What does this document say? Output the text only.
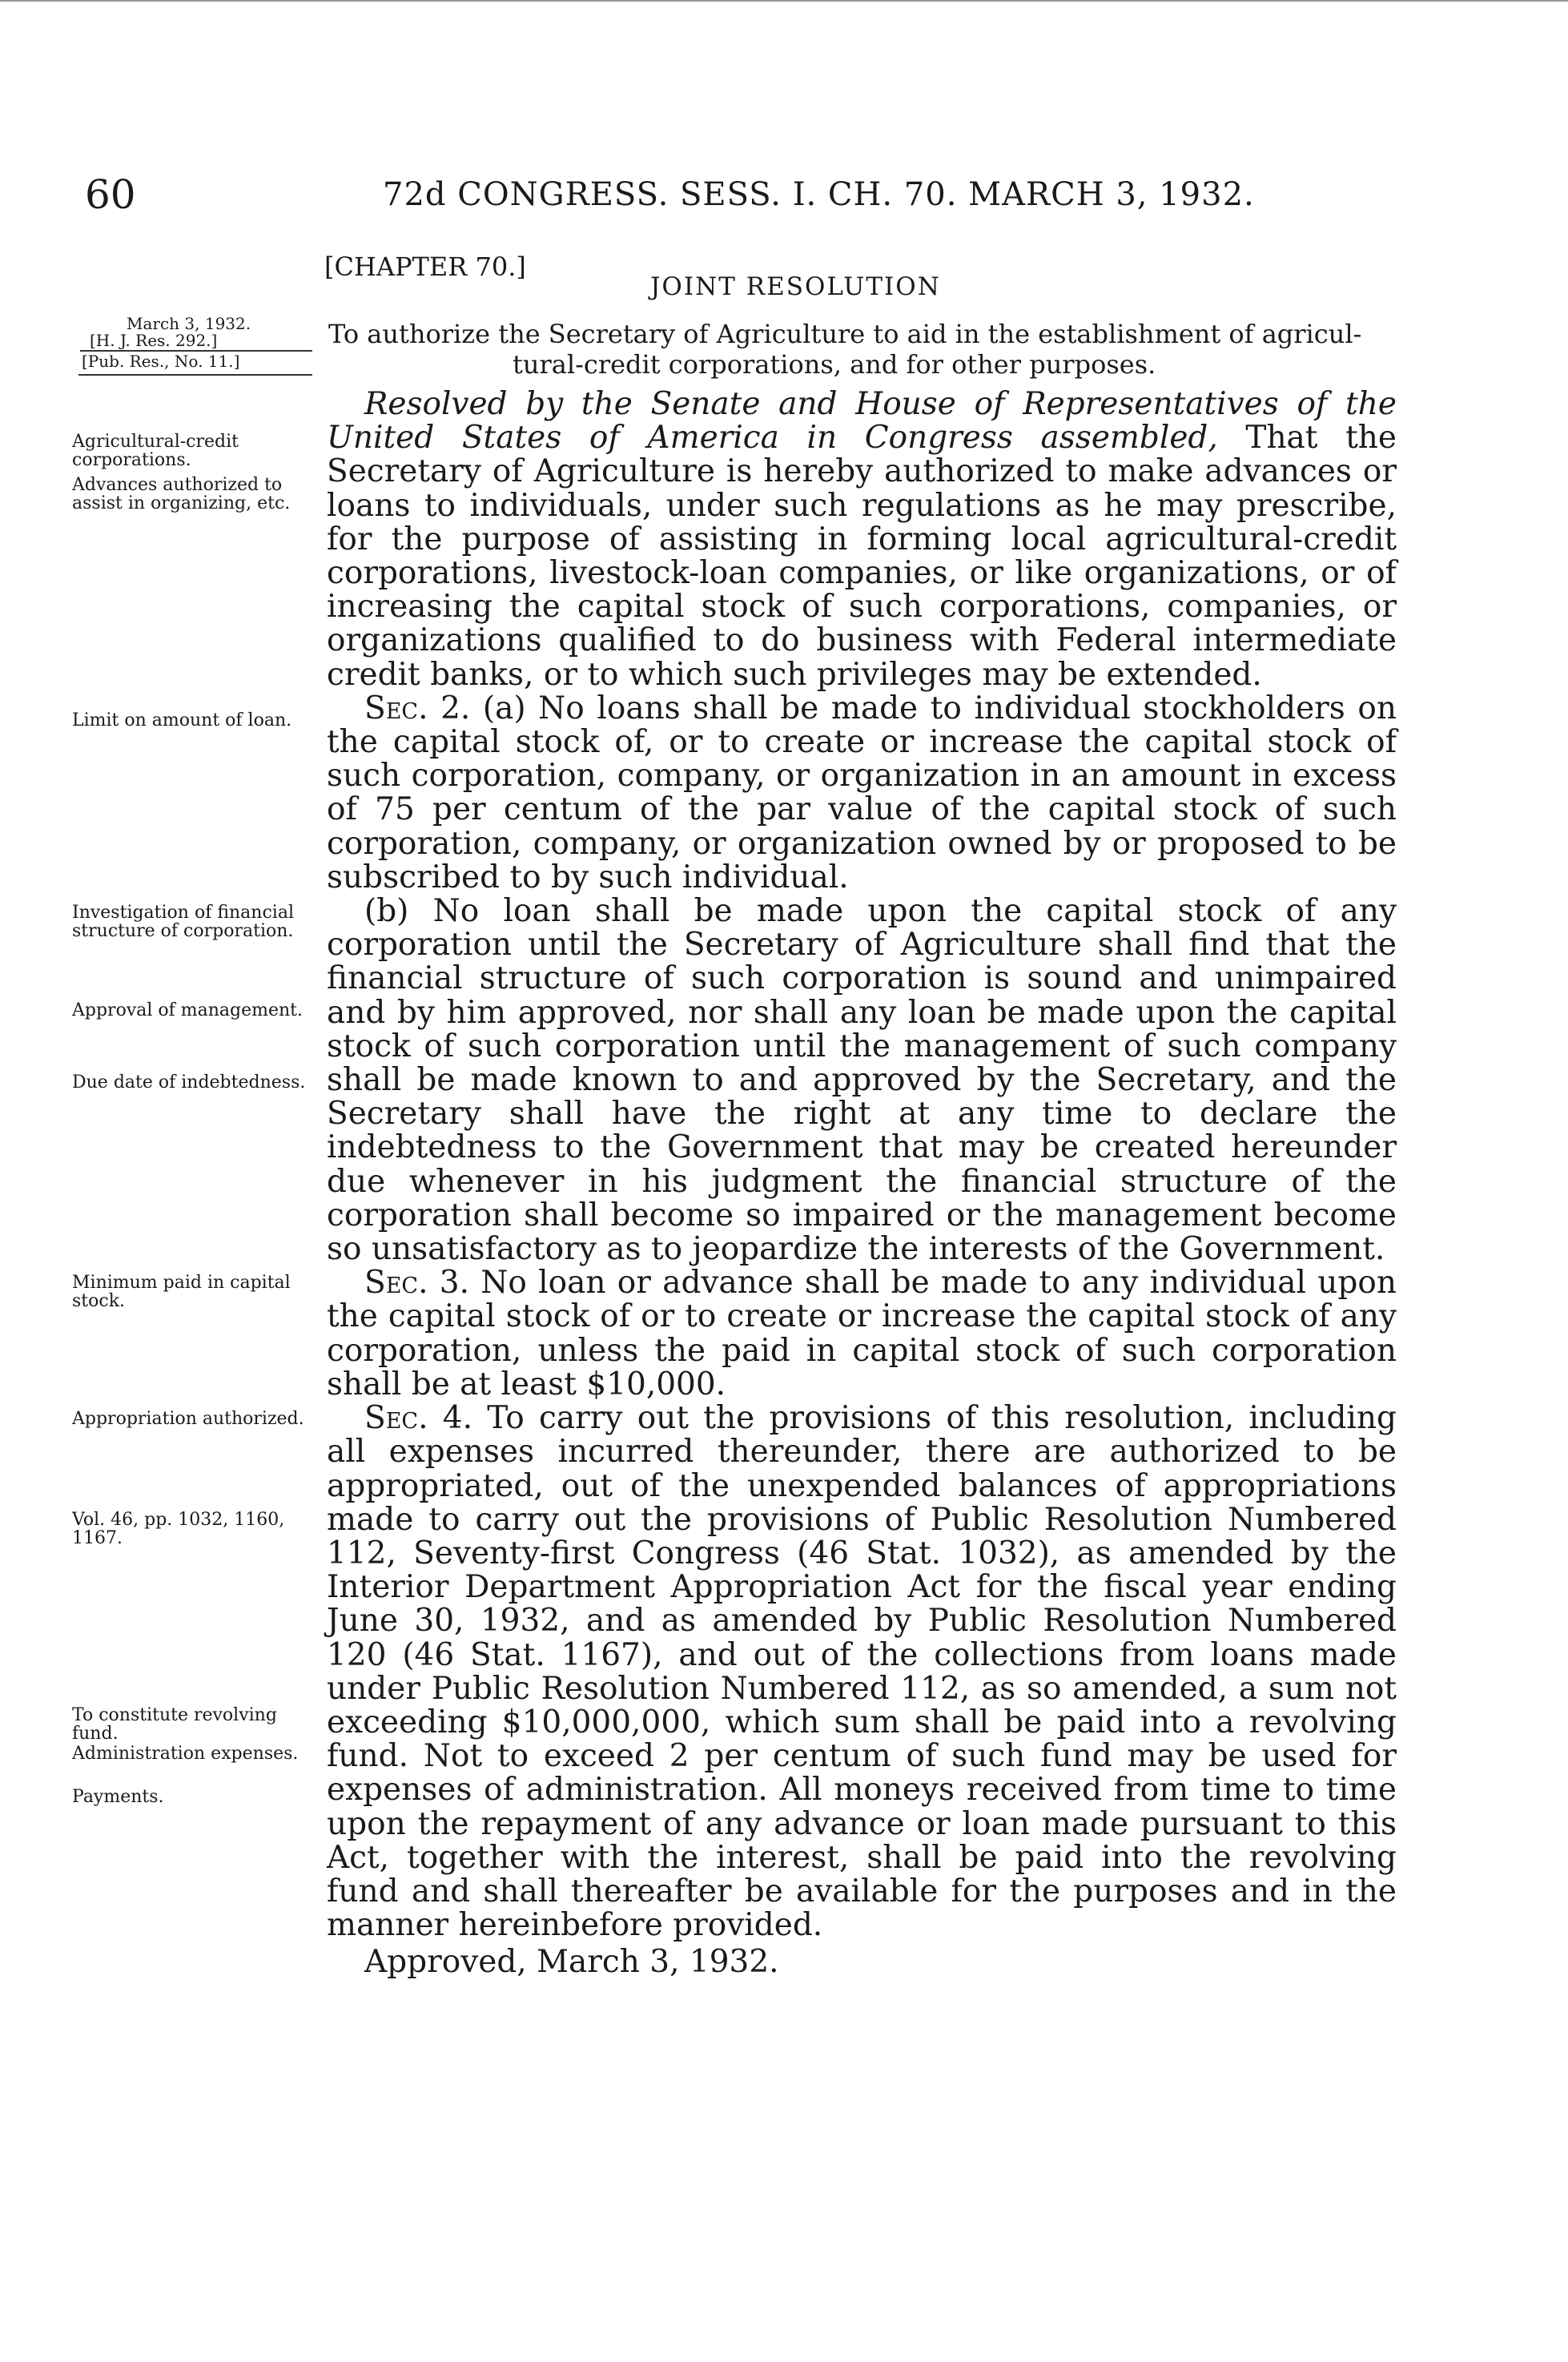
60	72d CONGRESS. SESS. I. CH. 70. MARCH 3, 1932.
[CHAPTER 70.]
JOINT RESOLUTION
March 3, 1932.
[H. J. Res. 292.]
[Pub. Res., No. 11.]
To authorize the Secretary of Agriculture to aid in the establishment of agricul-
tural-credit corporations, and for other purposes.
Agricultural-credit corporations.
Advances authorized to assist in organizing, etc.
Limit on amount of loan.
Investigation of financial structure of corporation.
Approval of management.
Due date of indebtedness.
Minimum paid in capital stock.
Appropriation authorized.
Vol. 46, pp. 1032, 1160, 1167.
To constitute revolving fund.
Administration expenses.
Payments.

Resolved by the Senate and House of Representatives of the United States of America in Congress assembled, That the Secretary of Agriculture is hereby authorized to make advances or loans to individuals, under such regulations as he may prescribe, for the purpose of assisting in forming local agricultural-credit corporations, livestock-loan companies, or like organizations, or of increasing the capital stock of such corporations, companies, or organizations qualified to do business with Federal intermediate credit banks, or to which such privileges may be extended.

Sec. 2. (a) No loans shall be made to individual stockholders on the capital stock of, or to create or increase the capital stock of such corporation, company, or organization in an amount in excess of 75 per centum of the par value of the capital stock of such corporation, company, or organization owned by or proposed to be subscribed to by such individual.

(b) No loan shall be made upon the capital stock of any corporation until the Secretary of Agriculture shall find that the financial structure of such corporation is sound and unimpaired and by him approved, nor shall any loan be made upon the capital stock of such corporation until the management of such company shall be made known to and approved by the Secretary, and the Secretary shall have the right at any time to declare the indebtedness to the Government that may be created hereunder due whenever in his judgment the financial structure of the corporation shall become so impaired or the management become so unsatisfactory as to jeopardize the interests of the Government.

Sec. 3. No loan or advance shall be made to any individual upon the capital stock of or to create or increase the capital stock of any corporation, unless the paid in capital stock of such corporation shall be at least $10,000.

Sec. 4. To carry out the provisions of this resolution, including all expenses incurred thereunder, there are authorized to be appropriated, out of the unexpended balances of appropriations made to carry out the provisions of Public Resolution Numbered 112, Seventy-first Congress (46 Stat. 1032), as amended by the Interior Department Appropriation Act for the fiscal year ending June 30, 1932, and as amended by Public Resolution Numbered 120 (46 Stat. 1167), and out of the collections from loans made under Public Resolution Numbered 112, as so amended, a sum not exceeding $10,000,000, which sum shall be paid into a revolving fund. Not to exceed 2 per centum of such fund may be used for expenses of administration. All moneys received from time to time upon the repayment of any advance or loan made pursuant to this Act, together with the interest, shall be paid into the revolving fund and shall thereafter be available for the purposes and in the manner hereinbefore provided.

Approved, March 3, 1932.
